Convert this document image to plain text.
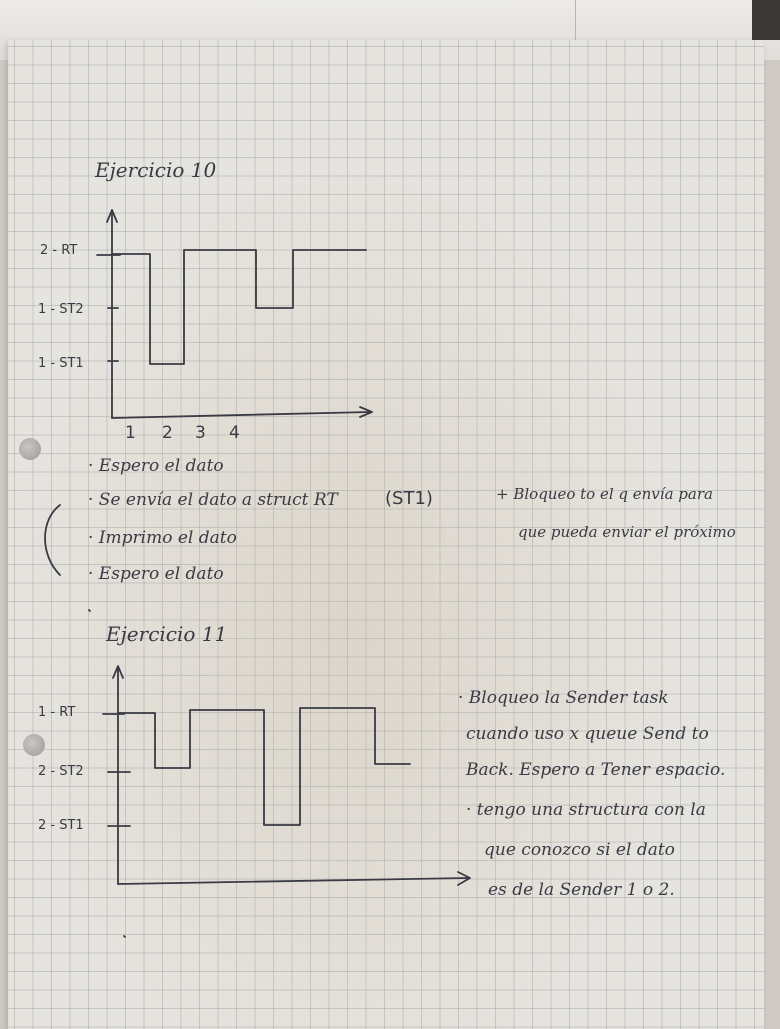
Ejercicio 10
2 - RT
1 - ST2
1 - ST1
1 2 3 4
· Espero el dato
· Se envía el dato a struct RT	(ST1)
· Imprimo el dato
· Espero el dato
+ Bloqueo to el q envía para
que pueda enviar el próximo
Ejercicio 11
1 - RT
2 - ST2
2 - ST1
· Bloqueo la Sender task
cuando uso x queue Send to
Back. Espero a Tener espacio.
· tengo una structura con la
que conozco si el dato
es de la Sender 1 o 2.
